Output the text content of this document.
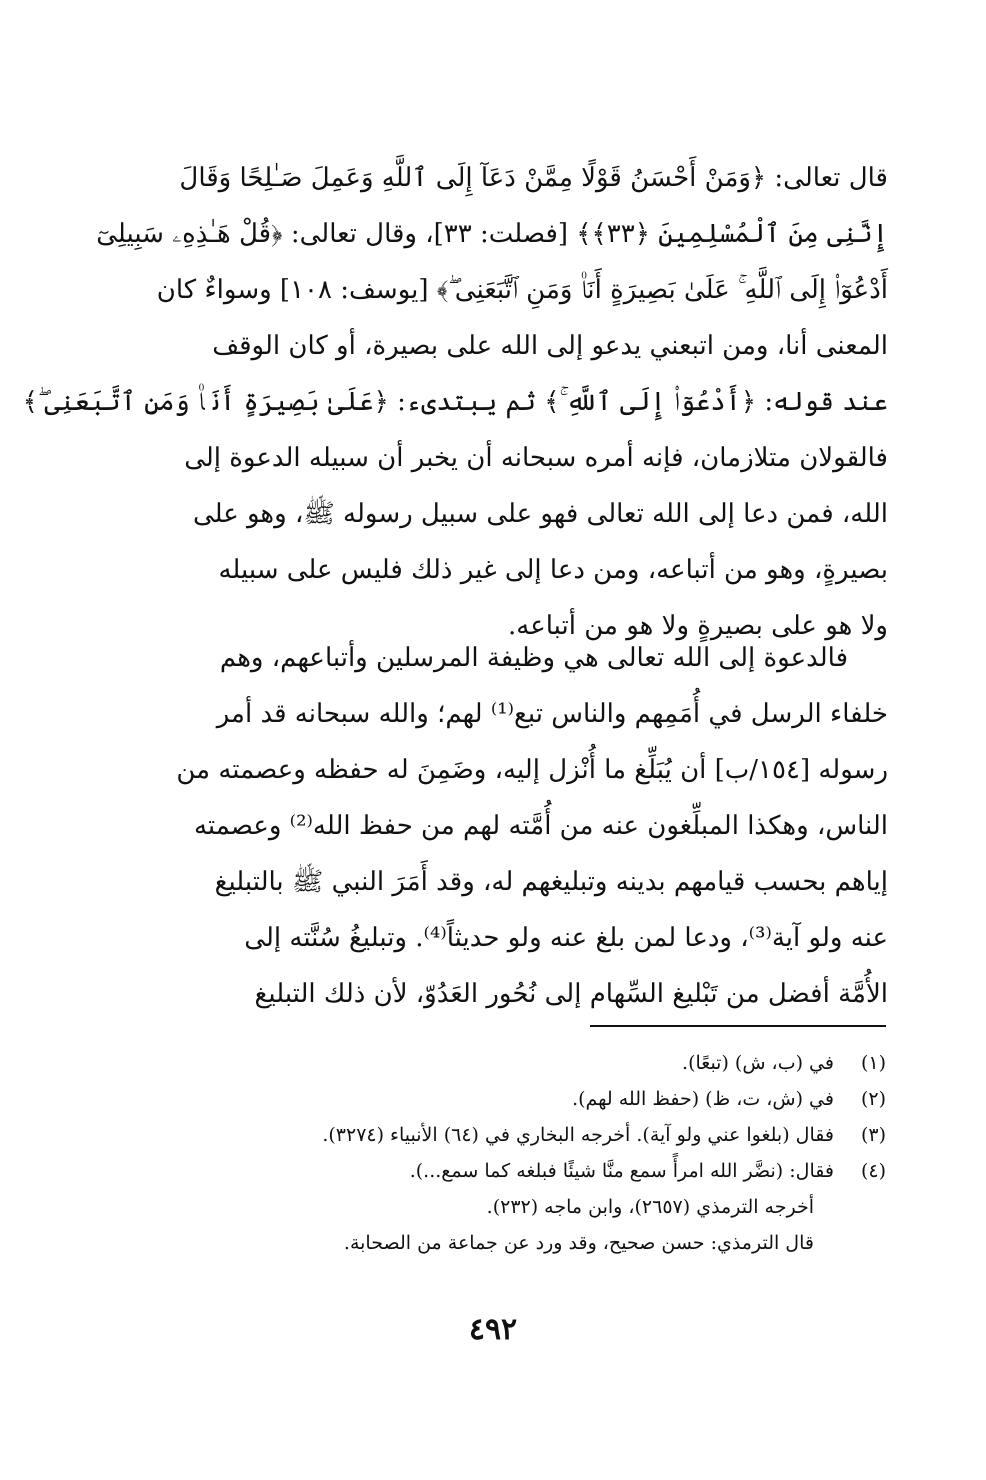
قال تعالى: ﴿وَمَنْ أَحْسَنُ قَوْلًا مِمَّنْ دَعَآ إِلَى ٱللَّهِ وَعَمِلَ صَـٰلِحًا وَقَالَ
إِنَّنِى مِنَ ٱلْمُسْلِمِينَ ﴿٣٣﴾﴾ [فصلت: ٣٣]، وقال تعالى: ﴿قُلْ هَـٰذِهِۦ سَبِيلِىٓ
أَدْعُوٓا۟ إِلَى ٱللَّهِ ۚ عَلَىٰ بَصِيرَةٍ أَنَا۠ وَمَنِ ٱتَّبَعَنِى ۖ﴾ [يوسف: ١٠٨] وسواءٌ كان
المعنى أنا، ومن اتبعني يدعو إلى الله على بصيرة، أو كان الوقف
عند قوله: ﴿أَدْعُوٓا۟ إِلَى ٱللَّهِ ۚ﴾ ثم يبتدىء: ﴿عَلَىٰ بَصِيرَةٍ أَنَا۠ وَمَنِ ٱتَّبَعَنِى ۖ﴾
فالقولان متلازمان، فإنه أمره سبحانه أن يخبر أن سبيله الدعوة إلى
الله، فمن دعا إلى الله تعالى فهو على سبيل رسوله ﷺ، وهو على
بصيرةٍ، وهو من أتباعه، ومن دعا إلى غير ذلك فليس على سبيله
ولا هو على بصيرةٍ ولا هو من أتباعه.
فالدعوة إلى الله تعالى هي وظيفة المرسلين وأتباعهم، وهم
خلفاء الرسل في أُمَمِهم والناس تبع⁽¹⁾ لهم؛ والله سبحانه قد أمر
رسوله [١٥٤/ب] أن يُبَلِّغ ما أُنْزل إليه، وضَمِنَ له حفظه وعصمته من
الناس، وهكذا المبلِّغون عنه من أُمَّته لهم من حفظ الله⁽²⁾ وعصمته
إياهم بحسب قيامهم بدينه وتبليغهم له، وقد أَمَرَ النبي ﷺ بالتبليغ
عنه ولو آية⁽³⁾، ودعا لمن بلغ عنه ولو حديثاً⁽⁴⁾. وتبليغُ سُنَّته إلى
الأُمَّة أفضل من تَبْليغ السِّهام إلى نُحُور العَدُوّ، لأن ذلك التبليغ
(١) في (ب، ش) (تبعًا).
(٢) في (ش، ت، ظ) (حفظ الله لهم).
(٣) فقال (بلغوا عني ولو آية). أخرجه البخاري في (٦٤) الأنبياء (٣٢٧٤).
(٤) فقال: (نضَّر الله امرأً سمع منَّا شيئًا فبلغه كما سمع...).
أخرجه الترمذي (٢٦٥٧)، وابن ماجه (٢٣٢).
قال الترمذي: حسن صحيح، وقد ورد عن جماعة من الصحابة.
٤٩٢
